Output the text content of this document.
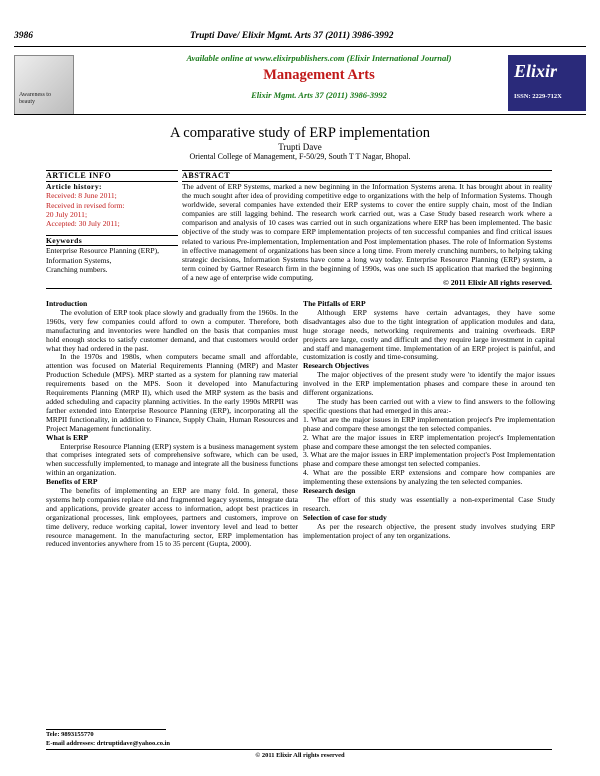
3986	Trupti Dave/ Elixir Mgmt. Arts 37 (2011) 3986-3992
Awareness to
beauty
Available online at www.elixirpublishers.com (Elixir International Journal)
Management Arts
Elixir Mgmt. Arts 37 (2011) 3986-3992
Elixir
ISSN: 2229-712X
A comparative study of ERP implementation
Trupti Dave
Oriental College of Management, F-50/29, South T T Nagar, Bhopal.
ARTICLE INFO
Article history:
Received: 8 June 2011;
Received in revised form:
20 July 2011;
Accepted: 30 July 2011;
Keywords
Enterprise Resource Planning (ERP),
Information Systems,
Cranching numbers.
ABSTRACT
The advent of ERP Systems, marked a new beginning in the Information Systems arena. It has brought about in reality the much sought after idea of providing competitive edge to organizations with the help of Information Systems. Though worldwide, several companies have extended their ERP systems to cover the entire supply chain, most of the Indian companies are still lagging behind. The research work carried out, was a Case Study based research work where a comparison and analysis of 10 cases was carried out in such organizations where ERP has been implemented. The basic objective of the study was to compare ERP implementation projects of ten successful companies and find critical issues related to various Pre-implementation, Implementation and Post implementation phases. The role of Information Systems in effective management of organizations has been since a long time. From merely crunching numbers, to helping taking strategic decisions, Information Systems have come a long way today. Enterprise Resource Planning (ERP) system, a term coined by Gartner Research firm in the beginning of 1990s, was one such IS application that marked the beginning of a new age of enterprise wide computing.
© 2011 Elixir All rights reserved.

Introduction

The evolution of ERP took place slowly and gradually from the 1960s. In the 1960s, very few companies could afford to own a computer. Therefore, both manufacturing and inventories were handled on the basis that companies must hold enough stocks to satisfy customer demand, and that customers would order what they had ordered in the past.

In the 1970s and 1980s, when computers became small and affordable, attention was focused on Material Requirements Planning (MRP) and Master Production Schedule (MPS). MRP started as a system for planning raw material requirements based on the MPS. Soon it developed into Manufacturing Requirements Planning (MRP II), which used the MRP system as the basis and added scheduling and capacity planning activities. In the early 1990s MRPII was farther extended into Enterprise Resource Planning (ERP), incorporating all the MRPII functionality, in addition to Finance, Supply Chain, Human Resources and Project Management functionality.

What is ERP

Enterprise Resource Planning (ERP) system is a business management system that comprises integrated sets of comprehensive software, which can be used, when successfully implemented, to manage and integrate all the business functions within an organization.

Benefits of ERP

The benefits of implementing an ERP are many fold. In general, these systems help companies replace old and fragmented legacy systems, integrate data and applications, provide greater access to information, adopt best practices in organizational processes, link employees, partners and customers, improve on time delivery, reduce working capital, lower inventory level and lead to better resource management. In the manufacturing sector, ERP implementation has reduced inventories anywhere from 15 to 35 percent (Gupta, 2000).

The Pitfalls of ERP

Although ERP systems have certain advantages, they have some disadvantages also due to the tight integration of application modules and data, huge storage needs, networking requirements and training overheads. ERP projects are large, costly and difficult and they require large investment in capital and staff and management time. Implementation of an ERP project is painful, and customization is costly and time-consuming.

Research Objectives

The major objectives of the present study were 'to identify the major issues involved in the ERP implementation phases and compare these in around ten different organizations.

The study has been carried out with a view to find answers to the following specific questions that had emerged in this area:-

1. What are the major issues in ERP implementation project's Pre implementation phase and compare these amongst the ten selected companies.

2. What are the major issues in ERP implementation project's Implementation phase and compare these amongst the ten selected companies.

3. What are the major issues in ERP implementation project's Post Implementation phase and compare these amongst ten selected companies.

4. What are the possible ERP extensions and compare how companies are implementing these extensions by analyzing the ten selected companies.

Research design

The effort of this study was essentially a non-experimental Case Study research.

Selection of case for study

As per the research objective, the present study involves studying ERP implementation project of any ten organizations.

Tele: 9893155770
E-mail addresses: drtruptidave@yahoo.co.in
© 2011 Elixir All rights reserved
